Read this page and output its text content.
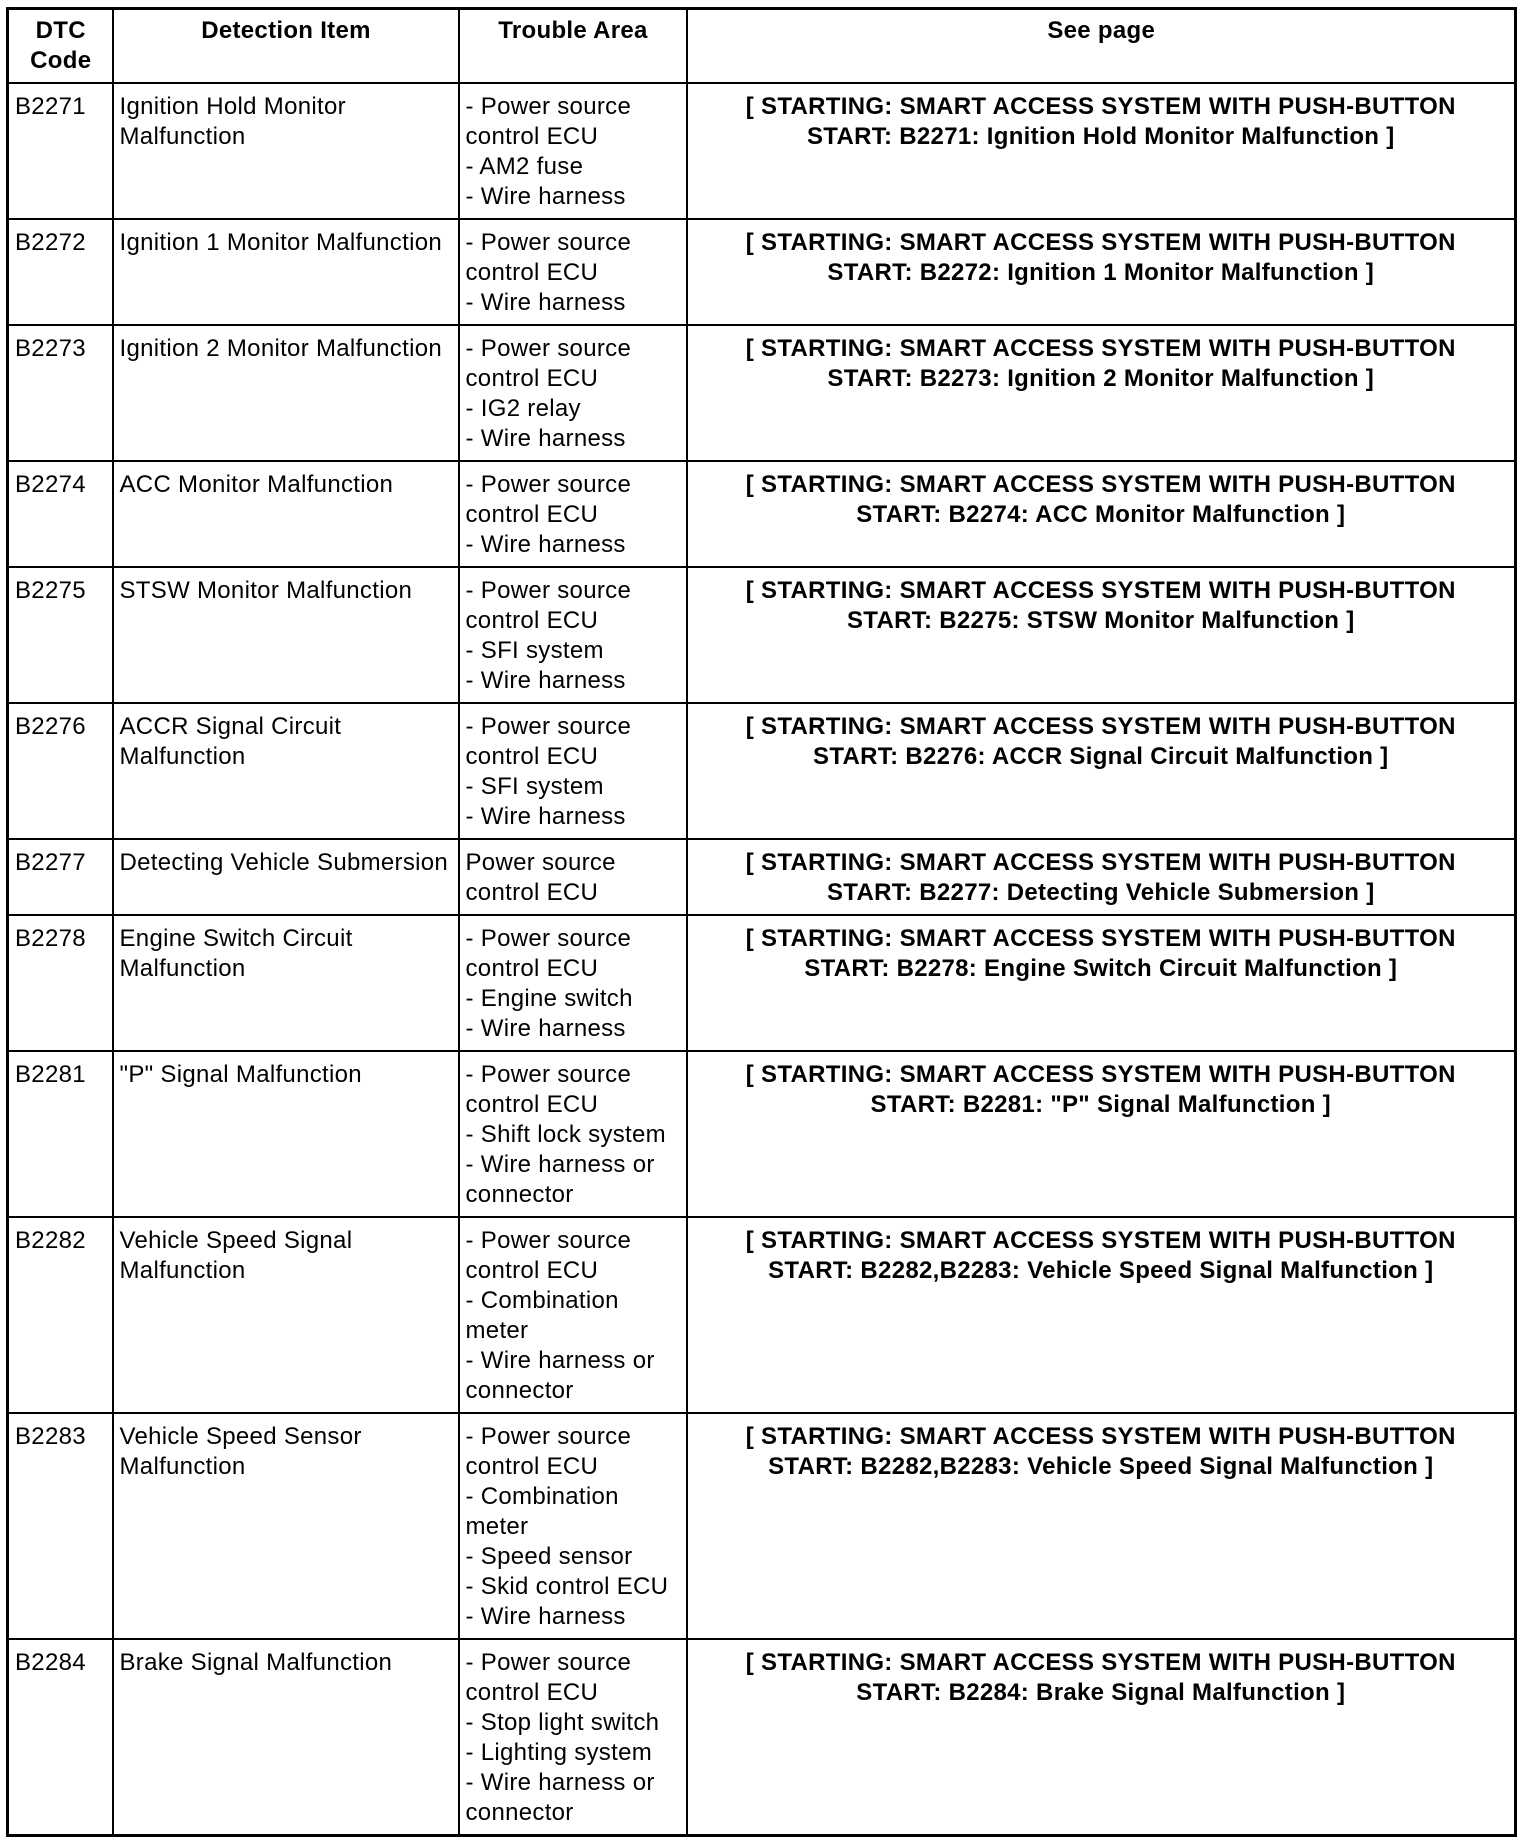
DTC Code	Detection Item	Trouble Area	See page
B2271	Ignition Hold Monitor Malfunction	- Power source control ECU
- AM2 fuse
- Wire harness	[ STARTING: SMART ACCESS SYSTEM WITH PUSH-BUTTON START: B2271: Ignition Hold Monitor Malfunction ]
B2272	Ignition 1 Monitor Malfunction	- Power source control ECU
- Wire harness	[ STARTING: SMART ACCESS SYSTEM WITH PUSH-BUTTON START: B2272: Ignition 1 Monitor Malfunction ]
B2273	Ignition 2 Monitor Malfunction	- Power source control ECU
- IG2 relay
- Wire harness	[ STARTING: SMART ACCESS SYSTEM WITH PUSH-BUTTON START: B2273: Ignition 2 Monitor Malfunction ]
B2274	ACC Monitor Malfunction	- Power source control ECU
- Wire harness	[ STARTING: SMART ACCESS SYSTEM WITH PUSH-BUTTON START: B2274: ACC Monitor Malfunction ]
B2275	STSW Monitor Malfunction	- Power source control ECU
- SFI system
- Wire harness	[ STARTING: SMART ACCESS SYSTEM WITH PUSH-BUTTON START: B2275: STSW Monitor Malfunction ]
B2276	ACCR Signal Circuit Malfunction	- Power source control ECU
- SFI system
- Wire harness	[ STARTING: SMART ACCESS SYSTEM WITH PUSH-BUTTON START: B2276: ACCR Signal Circuit Malfunction ]
B2277	Detecting Vehicle Submersion	Power source control ECU	[ STARTING: SMART ACCESS SYSTEM WITH PUSH-BUTTON START: B2277: Detecting Vehicle Submersion ]
B2278	Engine Switch Circuit Malfunction	- Power source control ECU
- Engine switch
- Wire harness	[ STARTING: SMART ACCESS SYSTEM WITH PUSH-BUTTON START: B2278: Engine Switch Circuit Malfunction ]
B2281	"P" Signal Malfunction	- Power source control ECU
- Shift lock system
- Wire harness or connector	[ STARTING: SMART ACCESS SYSTEM WITH PUSH-BUTTON START: B2281: "P" Signal Malfunction ]
B2282	Vehicle Speed Signal Malfunction	- Power source control ECU
- Combination meter
- Wire harness or connector	[ STARTING: SMART ACCESS SYSTEM WITH PUSH-BUTTON START: B2282,B2283: Vehicle Speed Signal Malfunction ]
B2283	Vehicle Speed Sensor Malfunction	- Power source control ECU
- Combination meter
- Speed sensor
- Skid control ECU
- Wire harness	[ STARTING: SMART ACCESS SYSTEM WITH PUSH-BUTTON START: B2282,B2283: Vehicle Speed Signal Malfunction ]
B2284	Brake Signal Malfunction	- Power source control ECU
- Stop light switch
- Lighting system
- Wire harness or connector	[ STARTING: SMART ACCESS SYSTEM WITH PUSH-BUTTON START: B2284: Brake Signal Malfunction ]
